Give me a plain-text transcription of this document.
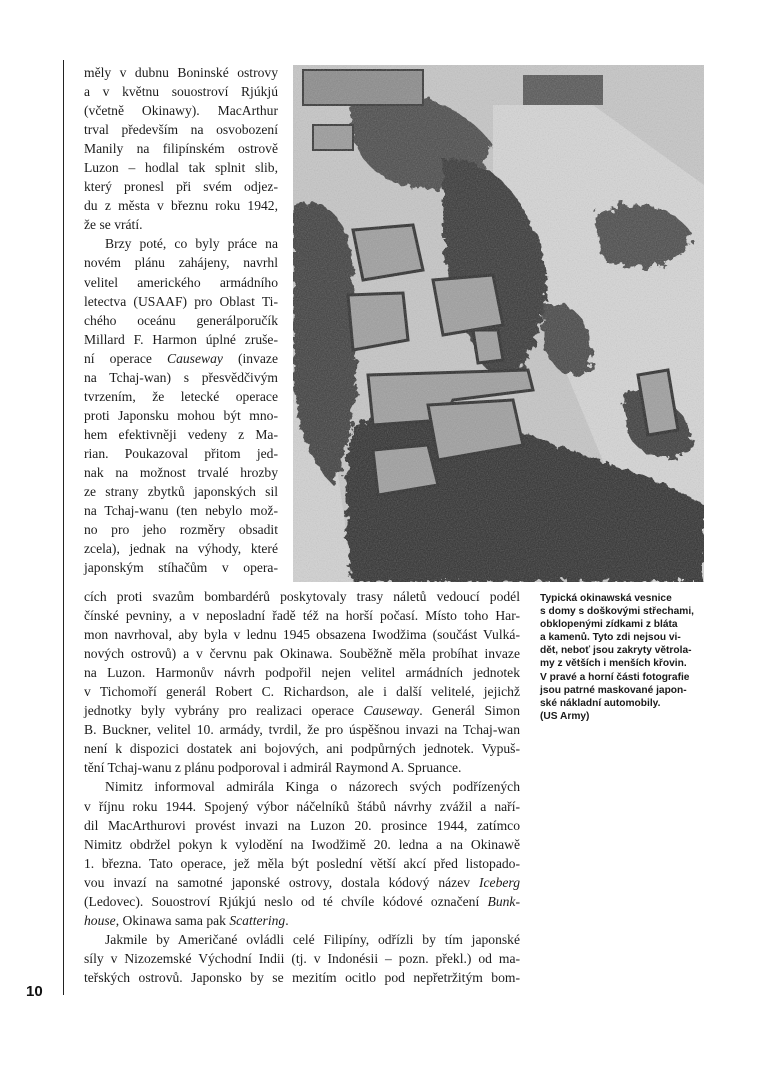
10
měly v dubnu Boninské ostrovy
a v květnu souostroví Rjúkjú
(včetně Okinawy). MacArthur
trval především na osvobození
Manily na filipínském ostrově
Luzon – hodlal tak splnit slib,
který pronesl při svém odjez-
du z města v březnu roku 1942,
že se vrátí.
Brzy poté, co byly práce na
novém plánu zahájeny, navrhl
velitel amerického armádního
letectva (USAAF) pro Oblast Ti-
chého oceánu generálporučík
Millard F. Harmon úplné zruše-
ní operace Causeway (invaze
na Tchaj-wan) s přesvědčivým
tvrzením, že letecké operace
proti Japonsku mohou být mno-
hem efektivněji vedeny z Ma-
rian. Poukazoval přitom jed-
nak na možnost trvalé hrozby
ze strany zbytků japonských sil
na Tchaj-wanu (ten nebylo mož-
no pro jeho rozměry obsadit
zcela), jednak na výhody, které
japonským stíhačům v opera-
cích proti svazům bombardérů poskytovaly trasy náletů vedoucí podél
čínské pevniny, a v neposladní řadě též na horší počasí. Místo toho Har-
mon navrhoval, aby byla v lednu 1945 obsazena Iwodžima (součást Vulká-
nových ostrovů) a v červnu pak Okinawa. Souběžně měla probíhat invaze
na Luzon. Harmonův návrh podpořil nejen velitel armádních jednotek
v Tichomoří generál Robert C. Richardson, ale i další velitelé, jejichž
jednotky byly vybrány pro realizaci operace Causeway. Generál Simon
B. Buckner, velitel 10. armády, tvrdil, že pro úspěšnou invazi na Tchaj-wan
není k dispozici dostatek ani bojových, ani podpůrných jednotek. Vypuš-
tění Tchaj-wanu z plánu podporoval i admirál Raymond A. Spruance.
Nimitz informoval admirála Kinga o názorech svých podřízených
v říjnu roku 1944. Spojený výbor náčelníků štábů návrhy zvážil a naří-
dil MacArthurovi provést invazi na Luzon 20. prosince 1944, zatímco
Nimitz obdržel pokyn k vylodění na Iwodžimě 20. ledna a na Okinawě
1. března. Tato operace, jež měla být poslední větší akcí před listopado-
vou invazí na samotné japonské ostrovy, dostala kódový název Iceberg
(Ledovec). Souostroví Rjúkjú neslo od té chvíle kódové označení Bunk-
house, Okinawa sama pak Scattering.
Jakmile by Američané ovládli celé Filipíny, odřízli by tím japonské
síly v Nizozemské Východní Indii (tj. v Indonésii – pozn. překl.) od ma-
teřských ostrovů. Japonsko by se mezitím ocitlo pod nepřetržitým bom-
Typická okinawská vesnice
s domy s doškovými střechami,
obklopenými zídkami z bláta
a kamenů. Tyto zdi nejsou vi-
dět, neboť jsou zakryty větrola-
my z větších i menších křovin.
V pravé a horní části fotografie
jsou patrné maskované japon-
ské nákladní automobily.
(US Army)
